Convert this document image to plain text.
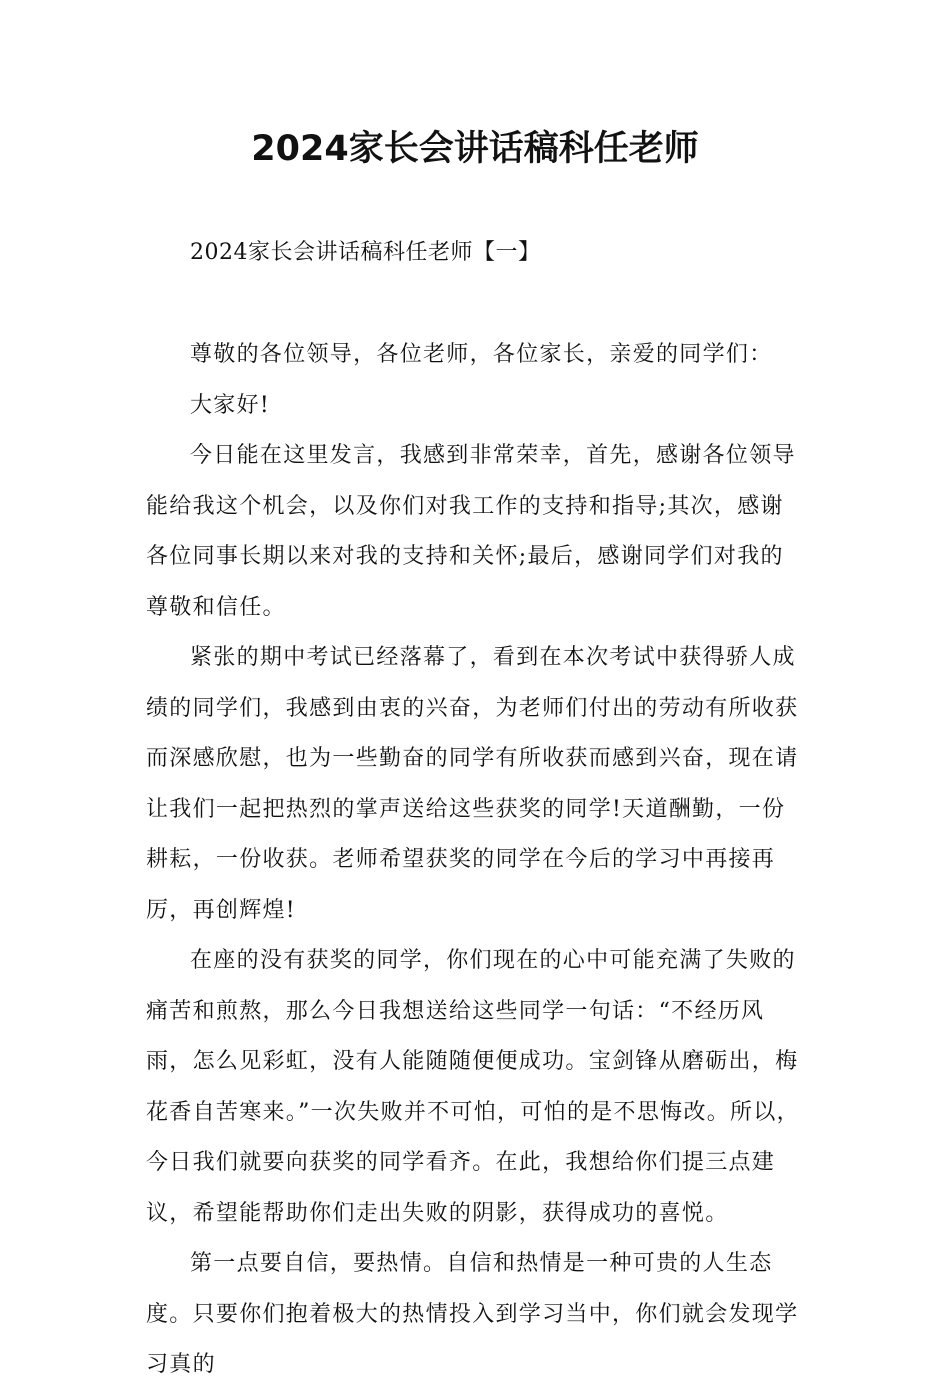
2024家长会讲话稿科任老师
2024家长会讲话稿科任老师【一】

尊敬的各位领导，各位老师，各位家长，亲爱的同学们：

大家好!

今日能在这里发言，我感到非常荣幸，首先，感谢各位领导能给我这个机会，以及你们对我工作的支持和指导;其次，感谢各位同事长期以来对我的支持和关怀;最后，感谢同学们对我的尊敬和信任。

紧张的期中考试已经落幕了，看到在本次考试中获得骄人成绩的同学们，我感到由衷的兴奋，为老师们付出的劳动有所收获而深感欣慰，也为一些勤奋的同学有所收获而感到兴奋，现在请让我们一起把热烈的掌声送给这些获奖的同学!天道酬勤，一份耕耘，一份收获。老师希望获奖的同学在今后的学习中再接再厉，再创辉煌!

在座的没有获奖的同学，你们现在的心中可能充满了失败的痛苦和煎熬，那么今日我想送给这些同学一句话：“不经历风雨，怎么见彩虹，没有人能随随便便成功。宝剑锋从磨砺出，梅花香自苦寒来。”一次失败并不可怕，可怕的是不思悔改。所以，今日我们就要向获奖的同学看齐。在此，我想给你们提三点建议，希望能帮助你们走出失败的阴影，获得成功的喜悦。

第一点要自信，要热情。自信和热情是一种可贵的人生态度。只要你们抱着极大的热情投入到学习当中，你们就会发现学习真的
